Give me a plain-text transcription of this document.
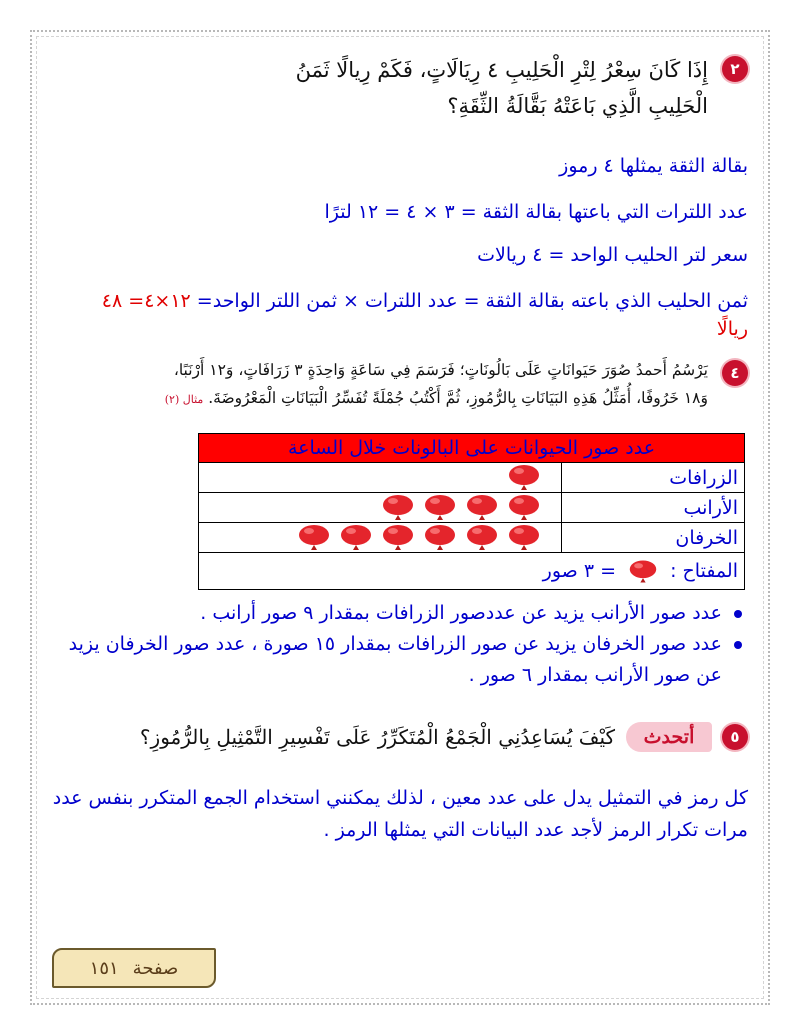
٢
إِذَا كَانَ سِعْرُ لِتْرِ الْحَلِيبِ ٤ رِيَالَاتٍ، فَكَمْ رِيالًا ثَمَنُ
الْحَلِيبِ الَّذِي بَاعَتْهُ بَقَّالَةُ الثِّقَةِ؟
بقالة الثقة يمثلها ٤ رموز
عدد اللترات التي باعتها بقالة الثقة = ٣ × ٤ = ١٢ لترًا
سعر لتر الحليب الواحد = ٤ ريالات
ثمن الحليب الذي باعته بقالة الثقة = عدد اللترات × ثمن اللتر الواحد= ١٢×٤= ٤٨
ريالًا
٤
يَرْسُمُ أَحمدُ صُوَرَ حَيَوانَاتٍ عَلَى بَالُونَاتٍ؛ فَرَسَمَ فِي سَاعَةٍ وَاحِدَةٍ ٣ زَرَافَاتٍ، وَ١٢ أَرْنَبًا،
وَ١٨ خَرُوفًا، أُمَثِّلُ هَذِهِ البَيَانَاتِ بِالرُّمُوزِ، ثُمَّ أَكْتُبُ جُمْلَةً تُفَسِّرُ الْبَيَانَاتِ الْمَعْرُوضَةَ. مثال (٢)
عدد صور الحيوانات على البالونات خلال الساعة	
الزرافات	
الأرانب	
الخرفان	
المفتاح :  = ٣ صور	
عدد صور الأرانب يزيد عن عددصور الزرافات بمقدار ٩ صور أرانب .
عدد صور الخرفان يزيد عن صور الزرافات بمقدار ١٥ صورة ، عدد صور الخرفان يزيد عن صور الأرانب بمقدار ٦ صور .
٥
أتحدث
كَيْفَ يُسَاعِدُنِي الْجَمْعُ الْمُتَكَرِّرُ عَلَى تَفْسِيرِ التَّمْثِيلِ بِالرُّمُوزِ؟
كل رمز في التمثيل يدل على عدد معين ، لذلك يمكنني استخدام الجمع المتكرر بنفس عدد مرات تكرار الرمز لأجد عدد البيانات التي يمثلها الرمز .
صفحة
١٥١
